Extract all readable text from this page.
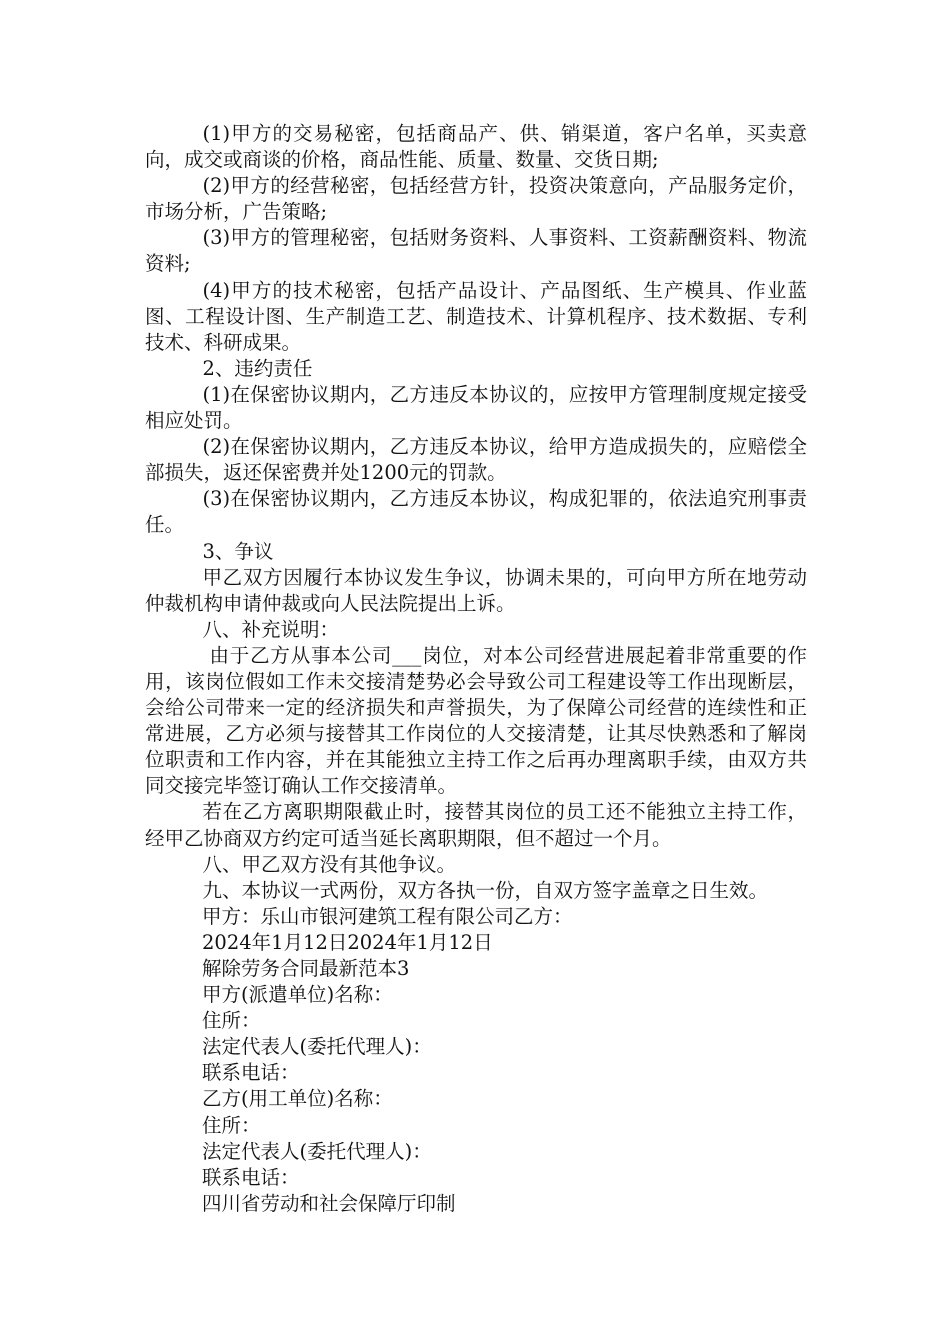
(1)甲方的交易秘密，包括商品产、供、销渠道，客户名单，买卖意向，成交或商谈的价格，商品性能、质量、数量、交货日期;

(2)甲方的经营秘密，包括经营方针，投资决策意向，产品服务定价，市场分析，广告策略;

(3)甲方的管理秘密，包括财务资料、人事资料、工资薪酬资料、物流资料;

(4)甲方的技术秘密，包括产品设计、产品图纸、生产模具、作业蓝图、工程设计图、生产制造工艺、制造技术、计算机程序、技术数据、专利技术、科研成果。

2、违约责任

(1)在保密协议期内，乙方违反本协议的，应按甲方管理制度规定接受相应处罚。

(2)在保密协议期内，乙方违反本协议，给甲方造成损失的，应赔偿全部损失，返还保密费并处1200元的罚款。

(3)在保密协议期内，乙方违反本协议，构成犯罪的，依法追究刑事责任。

3、争议

甲乙双方因履行本协议发生争议，协调未果的，可向甲方所在地劳动仲裁机构申请仲裁或向人民法院提出上诉。

八、补充说明：

由于乙方从事本公司___岗位，对本公司经营进展起着非常重要的作用，该岗位假如工作未交接清楚势必会导致公司工程建设等工作出现断层，会给公司带来一定的经济损失和声誉损失，为了保障公司经营的连续性和正常进展，乙方必须与接替其工作岗位的人交接清楚，让其尽快熟悉和了解岗位职责和工作内容，并在其能独立主持工作之后再办理离职手续，由双方共同交接完毕签订确认工作交接清单。

若在乙方离职期限截止时，接替其岗位的员工还不能独立主持工作，经甲乙协商双方约定可适当延长离职期限，但不超过一个月。

八、甲乙双方没有其他争议。

九、本协议一式两份，双方各执一份，自双方签字盖章之日生效。

甲方：乐山市银河建筑工程有限公司乙方：

2024年1月12日2024年1月12日

解除劳务合同最新范本3

甲方(派遣单位)名称：

住所：

法定代表人(委托代理人)：

联系电话：

乙方(用工单位)名称：

住所：

法定代表人(委托代理人)：

联系电话：

四川省劳动和社会保障厅印制
